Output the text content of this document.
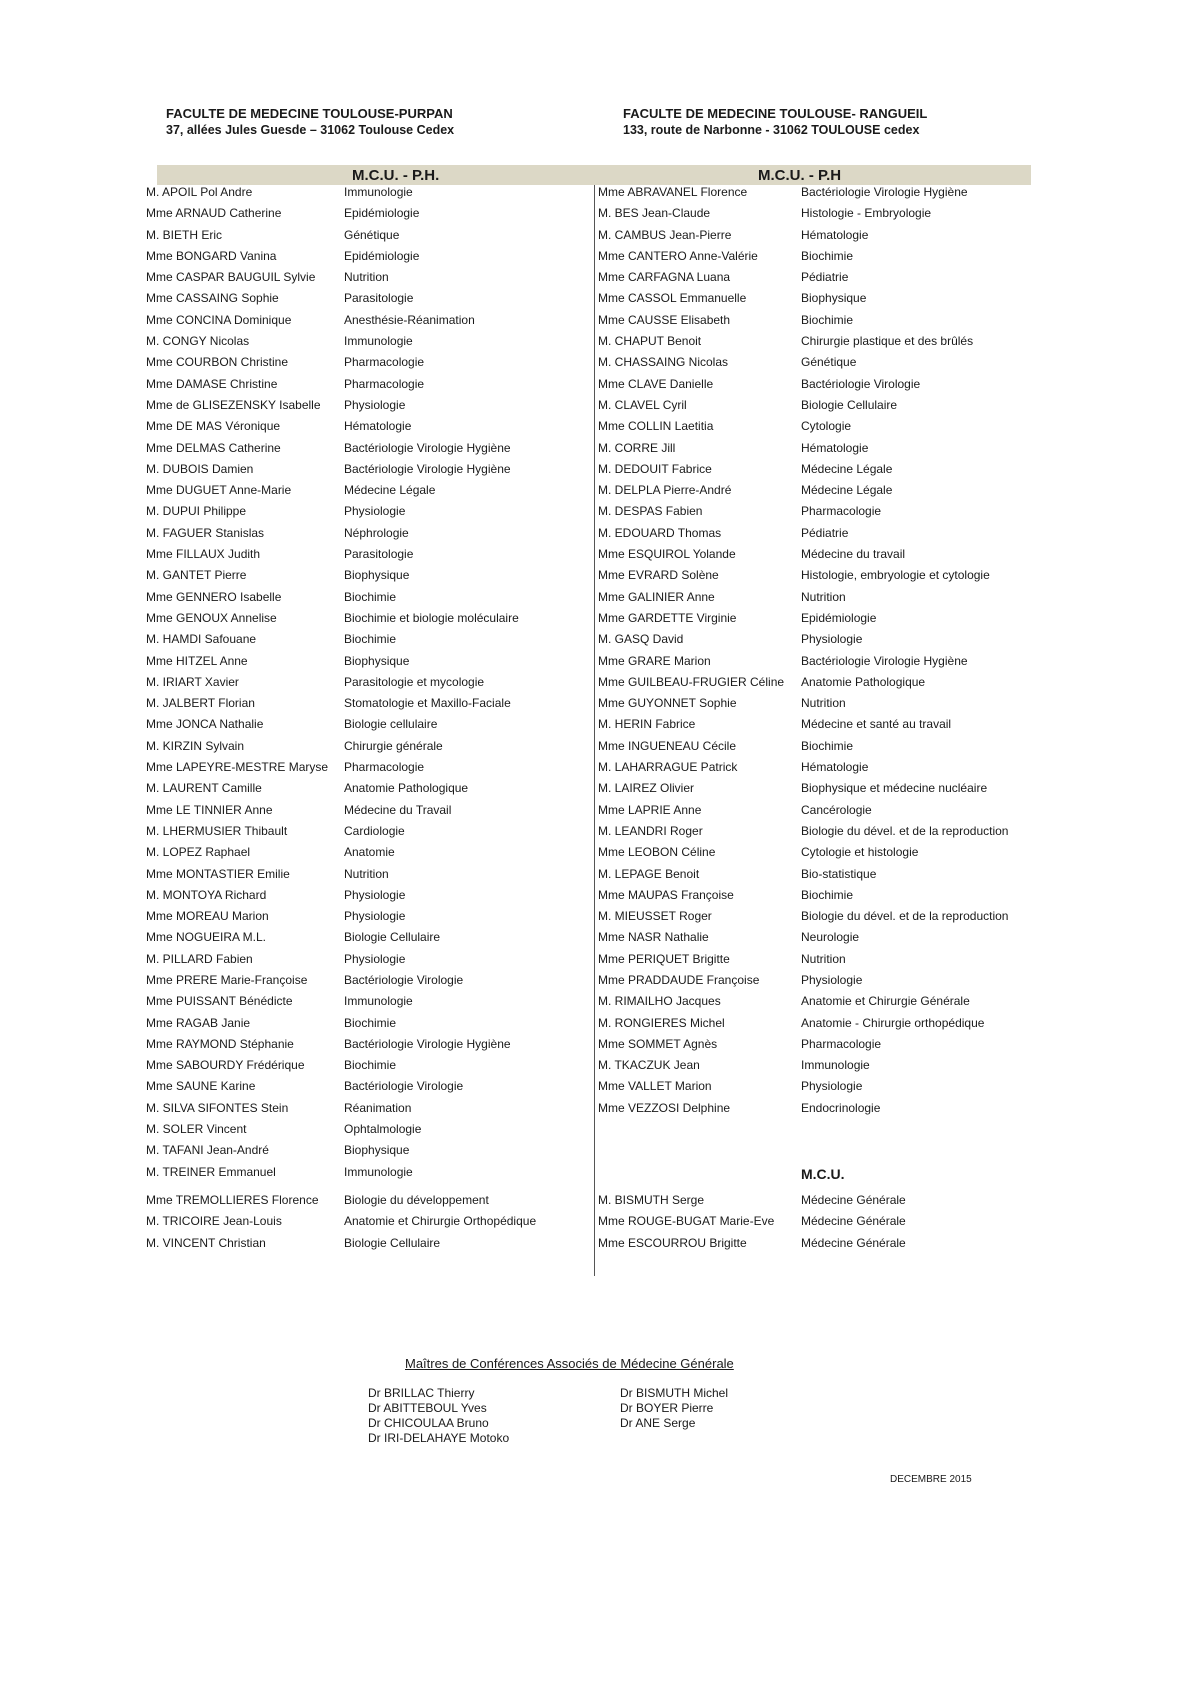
FACULTE DE MEDECINE TOULOUSE-PURPAN
37, allées Jules Guesde – 31062 Toulouse Cedex
FACULTE DE MEDECINE TOULOUSE- RANGUEIL
133, route de Narbonne - 31062 TOULOUSE cedex
M.C.U. - P.H.	M.C.U. - P.H
M. APOIL Pol Andre	Immunologie
Mme ARNAUD Catherine	Epidémiologie
M. BIETH Eric	Génétique
Mme BONGARD Vanina	Epidémiologie
Mme CASPAR BAUGUIL Sylvie Nutrition
Mme CASSAING Sophie	Parasitologie
Mme CONCINA Dominique	Anesthésie-Réanimation
M. CONGY Nicolas	Immunologie
Mme COURBON Christine	Pharmacologie
Mme DAMASE Christine	Pharmacologie
Mme de GLISEZENSKY Isabelle Physiologie
Mme DE MAS Véronique	Hématologie
Mme DELMAS Catherine	Bactériologie Virologie Hygiène
M. DUBOIS Damien	Bactériologie Virologie Hygiène
Mme DUGUET Anne-Marie	Médecine Légale
M. DUPUI Philippe	Physiologie
M. FAGUER Stanislas	Néphrologie
Mme FILLAUX Judith	Parasitologie
M. GANTET Pierre	Biophysique
Mme GENNERO Isabelle	Biochimie
Mme GENOUX Annelise	Biochimie et biologie moléculaire
M. HAMDI Safouane	Biochimie
Mme HITZEL Anne	Biophysique
M. IRIART Xavier	Parasitologie et mycologie
M. JALBERT Florian	Stomatologie et Maxillo-Faciale
Mme JONCA Nathalie	Biologie cellulaire
M. KIRZIN Sylvain	Chirurgie générale
Mme LAPEYRE-MESTRE Maryse Pharmacologie
M. LAURENT Camille	Anatomie Pathologique
Mme LE TINNIER Anne	Médecine du Travail
M. LHERMUSIER Thibault	Cardiologie
M. LOPEZ Raphael	Anatomie
Mme MONTASTIER Emilie	Nutrition
M. MONTOYA Richard	Physiologie
Mme MOREAU Marion	Physiologie
Mme NOGUEIRA M.L.	Biologie Cellulaire
M. PILLARD Fabien	Physiologie
Mme PRERE Marie-Françoise	Bactériologie Virologie
Mme PUISSANT Bénédicte	Immunologie
Mme RAGAB Janie	Biochimie
Mme RAYMOND Stéphanie	Bactériologie Virologie Hygiène
Mme SABOURDY Frédérique	Biochimie
Mme SAUNE Karine	Bactériologie Virologie
M. SILVA SIFONTES Stein	Réanimation
M. SOLER Vincent	Ophtalmologie
M. TAFANI Jean-André	Biophysique
M. TREINER Emmanuel	Immunologie
Mme TREMOLLIERES Florence Biologie du développement
M. TRICOIRE Jean-Louis	Anatomie et Chirurgie Orthopédique
M. VINCENT Christian	Biologie Cellulaire
Mme ABRAVANEL Florence	Bactériologie Virologie Hygiène
M. BES Jean-Claude	Histologie - Embryologie
M. CAMBUS Jean-Pierre	Hématologie
Mme CANTERO Anne-Valérie	Biochimie
Mme CARFAGNA Luana	Pédiatrie
Mme CASSOL Emmanuelle	Biophysique
Mme CAUSSE Elisabeth	Biochimie
M. CHAPUT Benoit	Chirurgie plastique et des brûlés
M. CHASSAING Nicolas	Génétique
Mme CLAVE Danielle	Bactériologie Virologie
M. CLAVEL Cyril	Biologie Cellulaire
Mme COLLIN Laetitia	Cytologie
M. CORRE Jill	Hématologie
M. DEDOUIT Fabrice	Médecine Légale
M. DELPLA Pierre-André	Médecine Légale
M. DESPAS Fabien	Pharmacologie
M. EDOUARD Thomas	Pédiatrie
Mme ESQUIROL Yolande	Médecine du travail
Mme EVRARD Solène	Histologie, embryologie et cytologie
Mme GALINIER Anne	Nutrition
Mme GARDETTE Virginie	Epidémiologie
M. GASQ David	Physiologie
Mme GRARE Marion	Bactériologie Virologie Hygiène
Mme GUILBEAU-FRUGIER Céline Anatomie Pathologique
Mme GUYONNET Sophie	Nutrition
M. HERIN Fabrice	Médecine et santé au travail
Mme INGUENEAU Cécile	Biochimie
M. LAHARRAGUE Patrick	Hématologie
M. LAIREZ Olivier	Biophysique et médecine nucléaire
Mme LAPRIE Anne	Cancérologie
M. LEANDRI Roger	Biologie du dével. et de la reproduction
Mme LEOBON Céline	Cytologie et histologie
M. LEPAGE Benoit	Bio-statistique
Mme MAUPAS Françoise	Biochimie
M. MIEUSSET Roger	Biologie du dével. et de la reproduction
Mme NASR Nathalie	Neurologie
Mme PERIQUET Brigitte	Nutrition
Mme PRADDAUDE Françoise	Physiologie
M. RIMAILHO Jacques	Anatomie et Chirurgie Générale
M. RONGIERES Michel	Anatomie - Chirurgie orthopédique
Mme SOMMET Agnès	Pharmacologie
M. TKACZUK Jean	Immunologie
Mme VALLET Marion	Physiologie
Mme VEZZOSI Delphine	Endocrinologie
M.C.U.
M. BISMUTH Serge	Médecine Générale
Mme ROUGE-BUGAT Marie-Eve Médecine Générale
Mme ESCOURROU Brigitte	Médecine Générale
Maîtres de Conférences Associés de Médecine Générale
Dr BRILLAC Thierry
Dr ABITTEBOUL Yves
Dr CHICOULAA Bruno
Dr IRI-DELAHAYE Motoko
Dr BISMUTH Michel
Dr BOYER Pierre
Dr ANE Serge
DECEMBRE 2015
